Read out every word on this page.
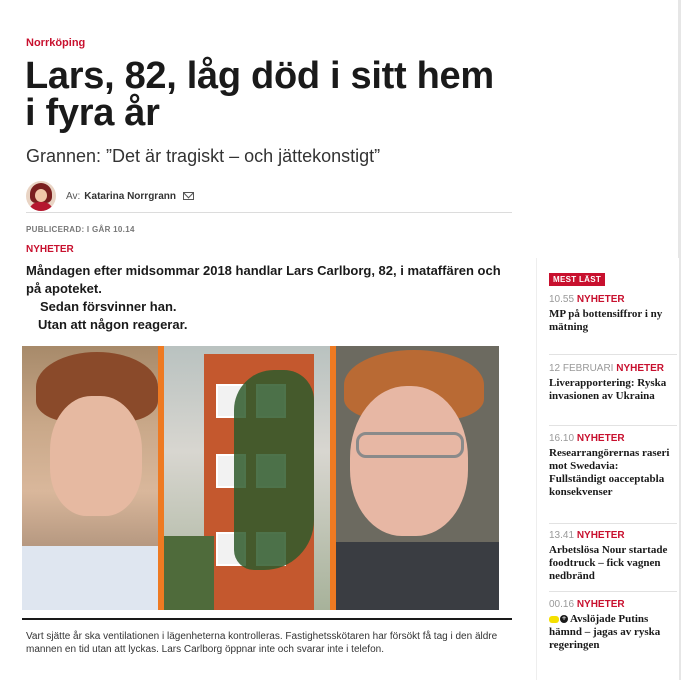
Norrköping
Lars, 82, låg död i sitt hem i fyra år
Grannen: ”Det är tragiskt – och jättekonstigt”
Av: Katarina Norrgrann
PUBLICERAD: I GÅR 10.14
NYHETER

Måndagen efter midsommar 2018 handlar Lars Carlborg, 82, i mataffären och på apoteket.

Sedan försvinner han.

Utan att någon reagerar.

Vart sjätte år ska ventilationen i lägenheterna kontrolleras. Fastighetsskötaren har försökt få tag i den äldre mannen en tid utan att lyckas. Lars Carlborg öppnar inte och svarar inte i telefon.
MEST LÄST
10.55 NYHETER
MP på bottensiffror i ny mätning
12 FEBRUARI NYHETER
Liverapportering: Ryska invasionen av Ukraina
16.10 NYHETER
Researrangörernas raseri mot Swedavia: Fullständigt oacceptabla konsekvenser
13.41 NYHETER
Arbetslösa Nour startade foodtruck – fick vagnen nedbränd
00.16 NYHETER
+ Avslöjade Putins hämnd – jagas av ryska regeringen
